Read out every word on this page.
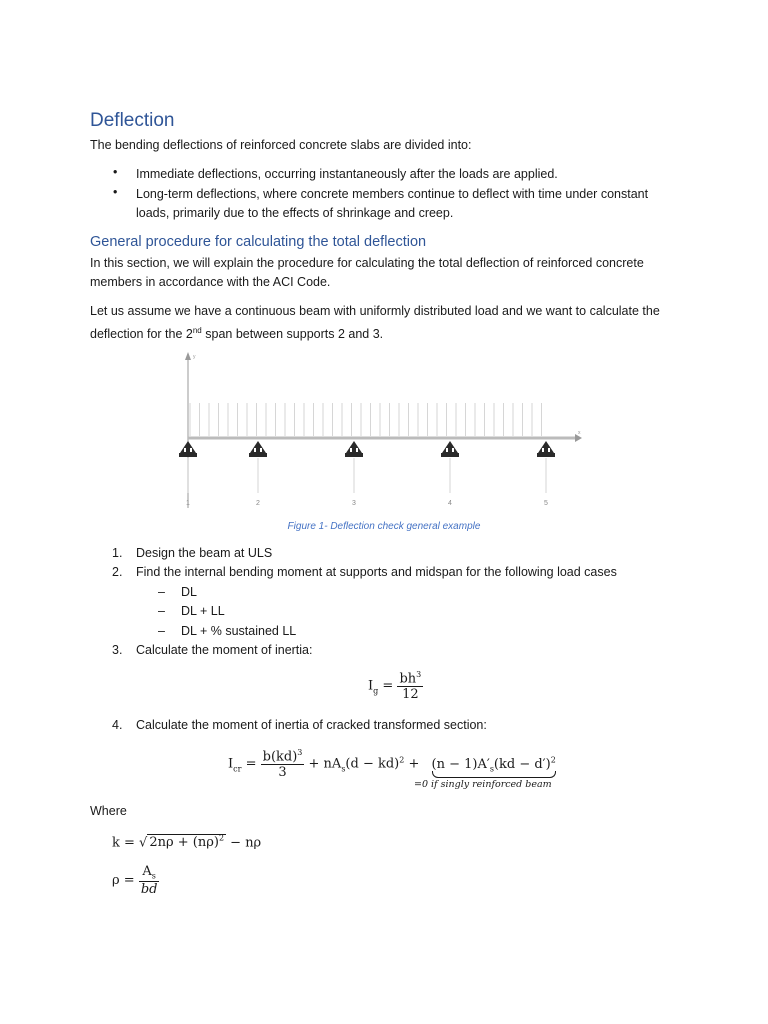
Deflection
The bending deflections of reinforced concrete slabs are divided into:
• Immediate deflections, occurring instantaneously after the loads are applied.
• Long-term deflections, where concrete members continue to deflect with time under constant
loads, primarily due to the effects of shrinkage and creep.
General procedure for calculating the total deflection
In this section, we will explain the procedure for calculating the total deflection of reinforced concrete
members in accordance with the ACI Code.
Let us assume we have a continuous beam with uniformly distributed load and we want to calculate the
deflection for the 2nd span between supports 2 and 3.
y
x
1	2	3	4	5
Figure 1- Deflection check general example
1. Design the beam at ULS
2. Find the internal bending moment at supports and midspan for the following load cases
– DL
– DL + LL
– DL + % sustained LL
3. Calculate the moment of inertia:
$I_g = \frac{bh^3}{12}$
4. Calculate the moment of inertia of cracked transformed section:
$I_{cr} = \frac{b(kd)^3}{3} + nA_s(d - kd)^2 + (n - 1)A'_s(kd - d')^2$
=0 if singly reinforced beam
Where
k = √ $2n\rho + (n\rho)^2 - n\rho$
$\rho = \frac{A_s}{bd}$
